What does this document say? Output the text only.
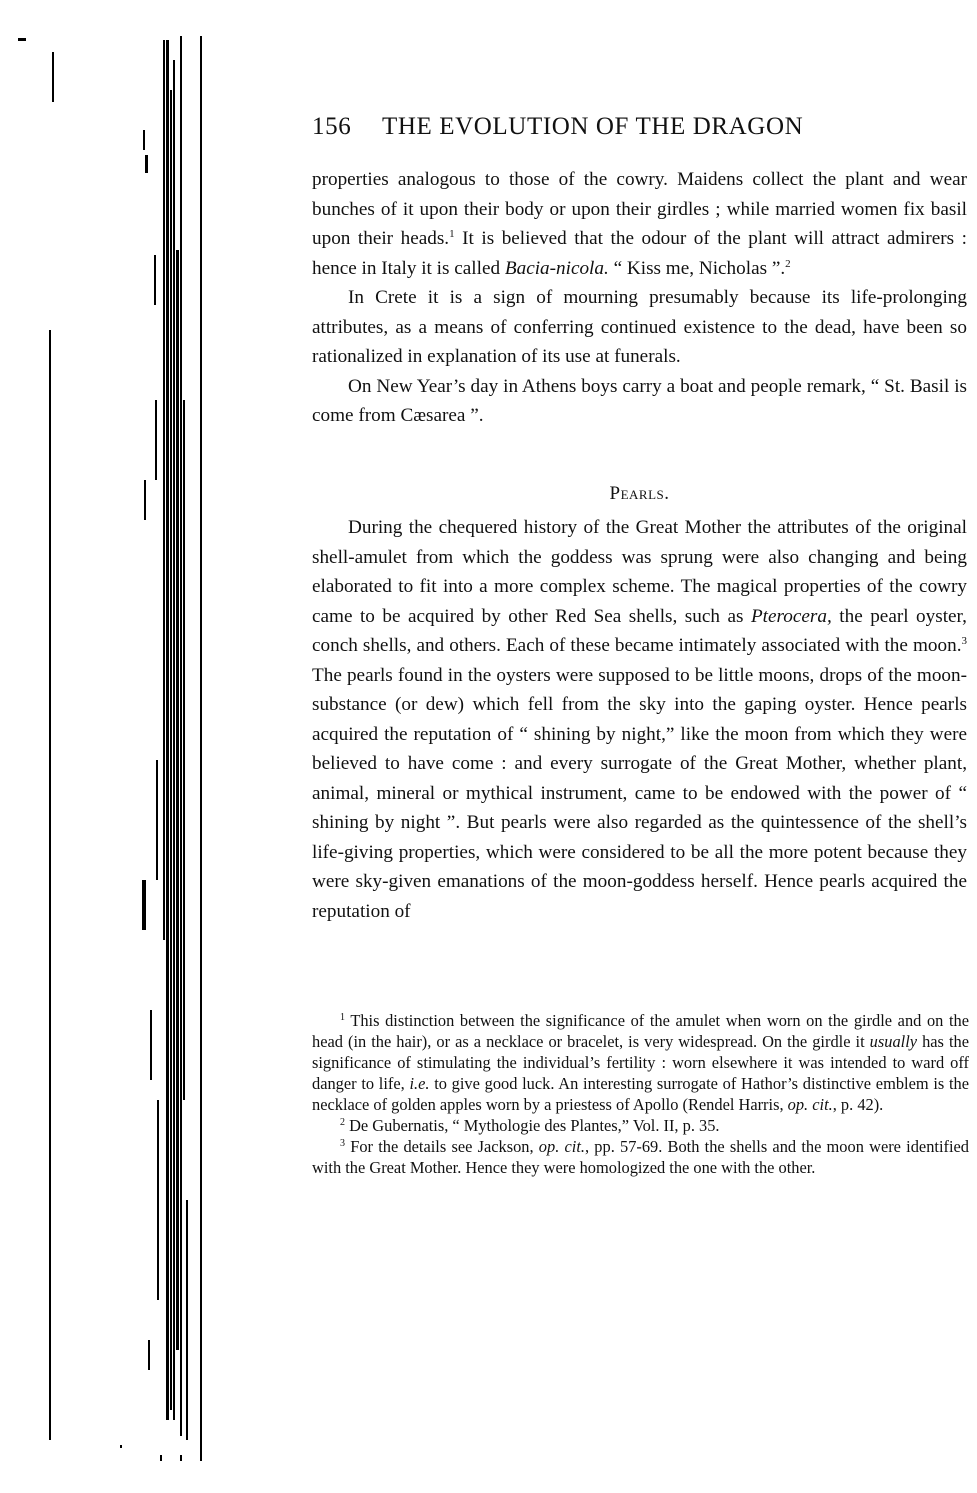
156 THE EVOLUTION OF THE DRAGON

properties analogous to those of the cowry. Maidens collect the plant and wear bunches of it upon their body or upon their girdles ; while married women fix basil upon their heads.$^1$ It is believed that the odour of the plant will attract admirers : hence in Italy it is called Bacia-nicola. “ Kiss me, Nicholas ”.$^2$

In Crete it is a sign of mourning presumably because its life-prolonging attributes, as a means of conferring continued existence to the dead, have been so rationalized in explanation of its use at funerals.

On New Year’s day in Athens boys carry a boat and people remark, “ St. Basil is come from Cæsarea ”.

Pearls.

During the chequered history of the Great Mother the attributes of the original shell-amulet from which the goddess was sprung were also changing and being elaborated to fit into a more complex scheme. The magical properties of the cowry came to be acquired by other Red Sea shells, such as Pterocera, the pearl oyster, conch shells, and others. Each of these became intimately associated with the moon.$^3$ The pearls found in the oysters were supposed to be little moons, drops of the moon-substance (or dew) which fell from the sky into the gaping oyster. Hence pearls acquired the reputation of “ shining by night,” like the moon from which they were believed to have come : and every surrogate of the Great Mother, whether plant, animal, mineral or mythical instrument, came to be endowed with the power of “ shining by night ”. But pearls were also regarded as the quintessence of the shell’s life-giving properties, which were considered to be all the more potent because they were sky-given emanations of the moon-goddess herself. Hence pearls acquired the reputation of

$^1$ This distinction between the significance of the amulet when worn on the girdle and on the head (in the hair), or as a necklace or bracelet, is very widespread. On the girdle it usually has the significance of stimulating the individual’s fertility : worn elsewhere it was intended to ward off danger to life, i.e. to give good luck. An interesting surrogate of Hathor’s distinctive emblem is the necklace of golden apples worn by a priestess of Apollo (Rendel Harris, op. cit., p. 42).

$^2$ De Gubernatis, “ Mythologie des Plantes,” Vol. II, p. 35.

$^3$ For the details see Jackson, op. cit., pp. 57-69. Both the shells and the moon were identified with the Great Mother. Hence they were homologized the one with the other.
